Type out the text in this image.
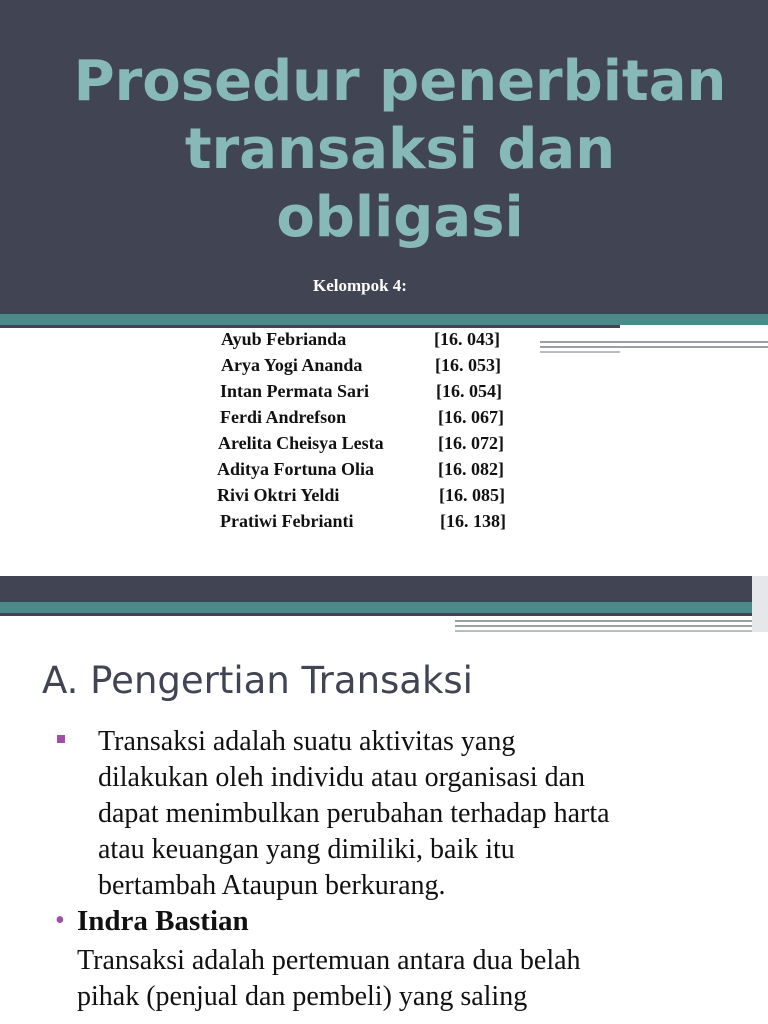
Prosedur penerbitan
transaksi dan
obligasi
Kelompok 4:
Ayub Febrianda	[16. 043]
Arya Yogi Ananda	[16. 053]
Intan Permata Sari	[16. 054]
Ferdi Andrefson	[16. 067]
Arelita Cheisya Lesta	[16. 072]
Aditya Fortuna Olia	[16. 082]
Rivi Oktri Yeldi	[16. 085]
Pratiwi Febrianti	[16. 138]
A. Pengertian Transaksi

Transaksi adalah suatu aktivitas yang
dilakukan oleh individu atau organisasi dan
dapat menimbulkan perubahan terhadap harta
atau keuangan yang dimiliki, baik itu
bertambah Ataupun berkurang.

• Indra Bastian

Transaksi adalah pertemuan antara dua belah
pihak (penjual dan pembeli) yang saling
